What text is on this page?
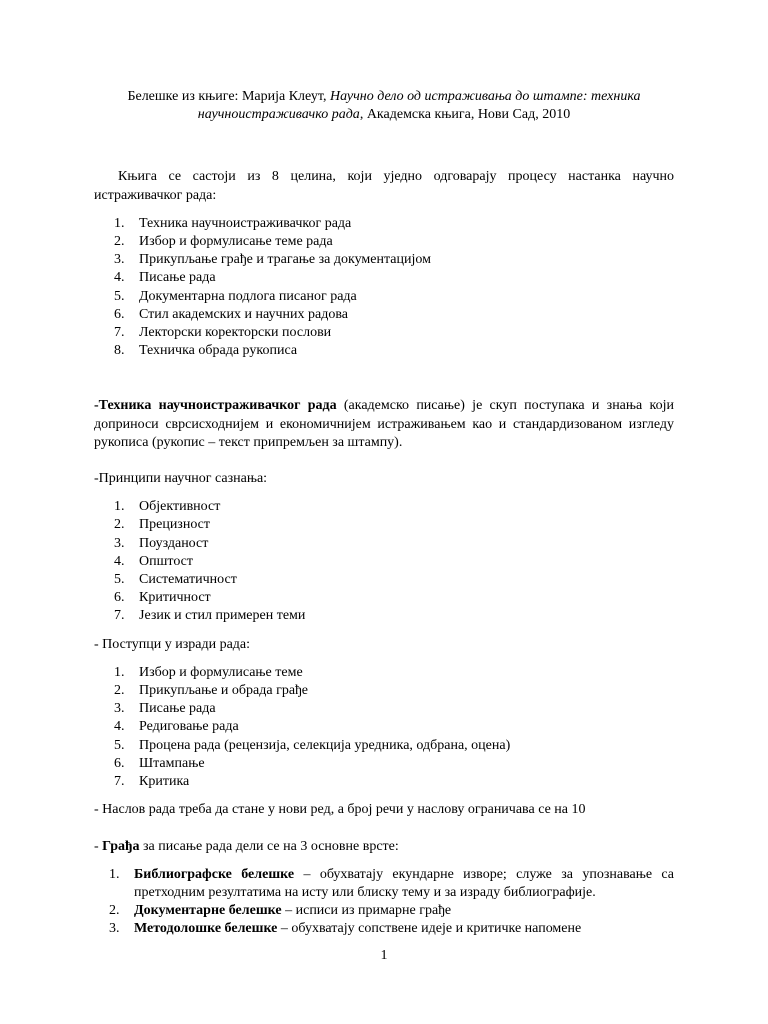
Белешке из књиге: Марија Клеут, Научно дело од истраживања до штампе: техника научноистраживачко рада, Академска књига, Нови Сад, 2010

Књига се састоји из 8 целина, који уједно одговарају процесу настанка научно истраживачког рада:

1. Техника научноистраживачког рада
2. Избор и формулисање теме рада
3. Прикупљање грађе и трагање за документацијом
4. Писање рада
5. Документарна подлога писаног рада
6. Стил академских и научних радова
7. Лекторски коректорски послови
8. Техничка обрада рукописа

-Техника научноистраживачког рада (академско писање) је скуп поступака и знања који доприноси сврсисходнијем и економичнијем истраживањем као и стандардизованом изгледу рукописа (рукопис – текст припремљен за штампу).

-Принципи научног сазнања:

1. Објективност
2. Прецизност
3. Поузданост
4. Општост
5. Систематичност
6. Критичност
7. Језик и стил примерен теми

- Поступци у изради рада:

1. Избор и формулисање теме
2. Прикупљање и обрада грађе
3. Писање рада
4. Редиговање рада
5. Процена рада (рецензија, селекција уредника, одбрана, оцена)
6. Штампање
7. Критика

- Наслов рада треба да стане у нови ред, а број речи у наслову ограничава се на 10

- Грађа за писање рада дели се на 3 основне врсте:

1. Библиографске белешке – обухватају екундарне изворе; служе за упознавање са претходним резултатима на исту или блиску тему и за израду библиографије.
2. Документарне белешке – исписи из примарне грађе
3. Методолошке белешке – обухватају сопствене идеје и критичке напомене
1
